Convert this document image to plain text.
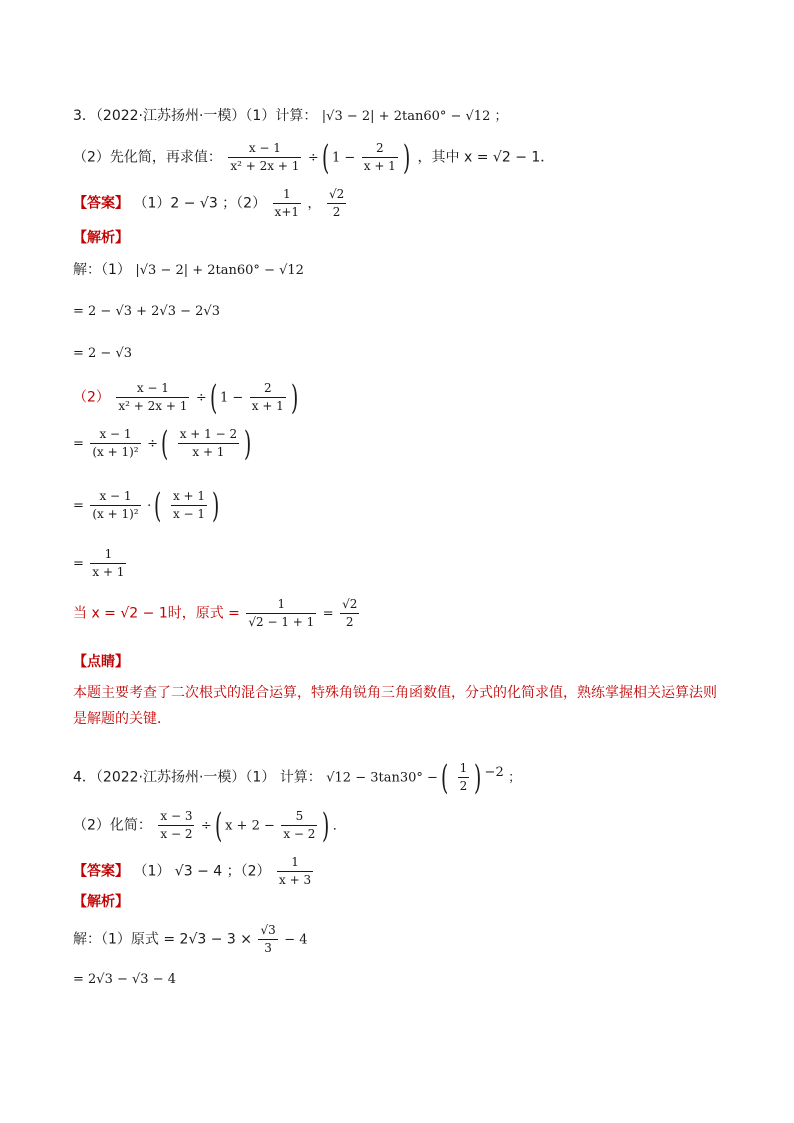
3．（2022·江苏扬州·一模）（1）计算： |√3 − 2| + 2tan60° − √12 ；
（2）先化简，再求值： $\frac{x - 1}{\text{x² + 2x + 1}}$ ÷( $1 - \frac{2}{x + 1}$ ) ，其中 x = √2 − 1．
【答案】 （1）2 − √3 ；$(2) \frac{1}{x+1}$ ， $\frac{√2}{2}$
【解析】
解：（1） |√3 − 2| + 2tan60° − √12
= 2 − √3 + 2√3 − 2√3
= 2 − √3
$(2) \frac{x - 1}{\text{x² + 2x + 1}}$ ÷( $1 - \frac{2}{x + 1}$ )
= $\frac{x - 1}{\text{(x + 1)²}}$ ÷( $\frac{x + 1 - 2}{x + 1}$ )
= $\frac{x - 1}{\text{(x + 1)²}}$ ·( $\frac{x + 1}{x - 1}$ )
= $\frac{1}{x + 1}$
当 x = √2 − 1时，原式 = $\frac{1}{√2 - 1 + 1} = \frac{√2}{2}$
【点睛】
本题主要考查了二次根式的混合运算，特殊角锐角三角函数值，分式的化简求值，熟练掌握相关运算法则是解题的关键．
4．（2022·江苏扬州·一模）（1） 计算： √12 − 3tan30° −( $\frac{1}{2}$ ) $^{-2}$ ；
（2）化简： $\frac{x - 3}{x - 2}$ ÷( $x + 2 - \frac{5}{x - 2}$ ) ．
【答案】 （1） √3 − 4 ；$(2) \frac{1}{x + 3}$
【解析】
解：（1）原式 = $2√3 - 3 \times \frac{√3}{3} - 4$
= 2√3 − √3 − 4
